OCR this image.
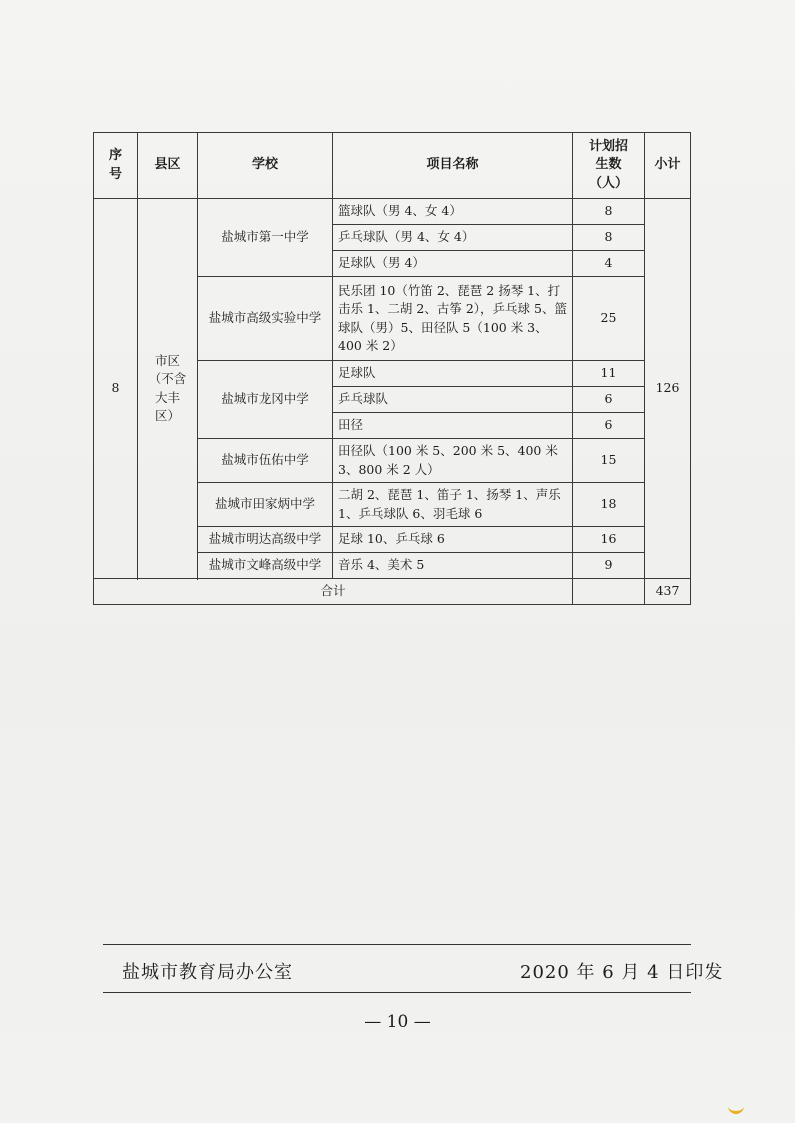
序号	县区	学校	项目名称	计划招生数（人）	小计
8	市区（不含大丰区）	盐城市第一中学	篮球队（男 4、女 4）	8	126
			乒乓球队（男 4、女 4）	8	
			足球队（男 4）	4	
		盐城市高级实验中学	民乐团 10（竹笛 2、琵琶 2 扬琴 1、打击乐 1、二胡 2、古筝 2），乒乓球 5、篮球队（男）5、田径队 5（100 米 3、400 米 2）	25	
		盐城市龙冈中学	足球队	11	
			乒乓球队	6	
			田径	6	
		盐城市伍佑中学	田径队（100 米 5、200 米 5、400 米 3、800 米 2 人）	15	
		盐城市田家炳中学	二胡 2、琵琶 1、笛子 1、扬琴 1、声乐 1、乒乓球队 6、羽毛球 6	18	
		盐城市明达高级中学	足球 10、乒乓球 6	16	
		盐城市文峰高级中学	音乐 4、美术 5	9	

合计					437
盐城市教育局办公室	2020 年 6 月 4 日印发
— 10 —
